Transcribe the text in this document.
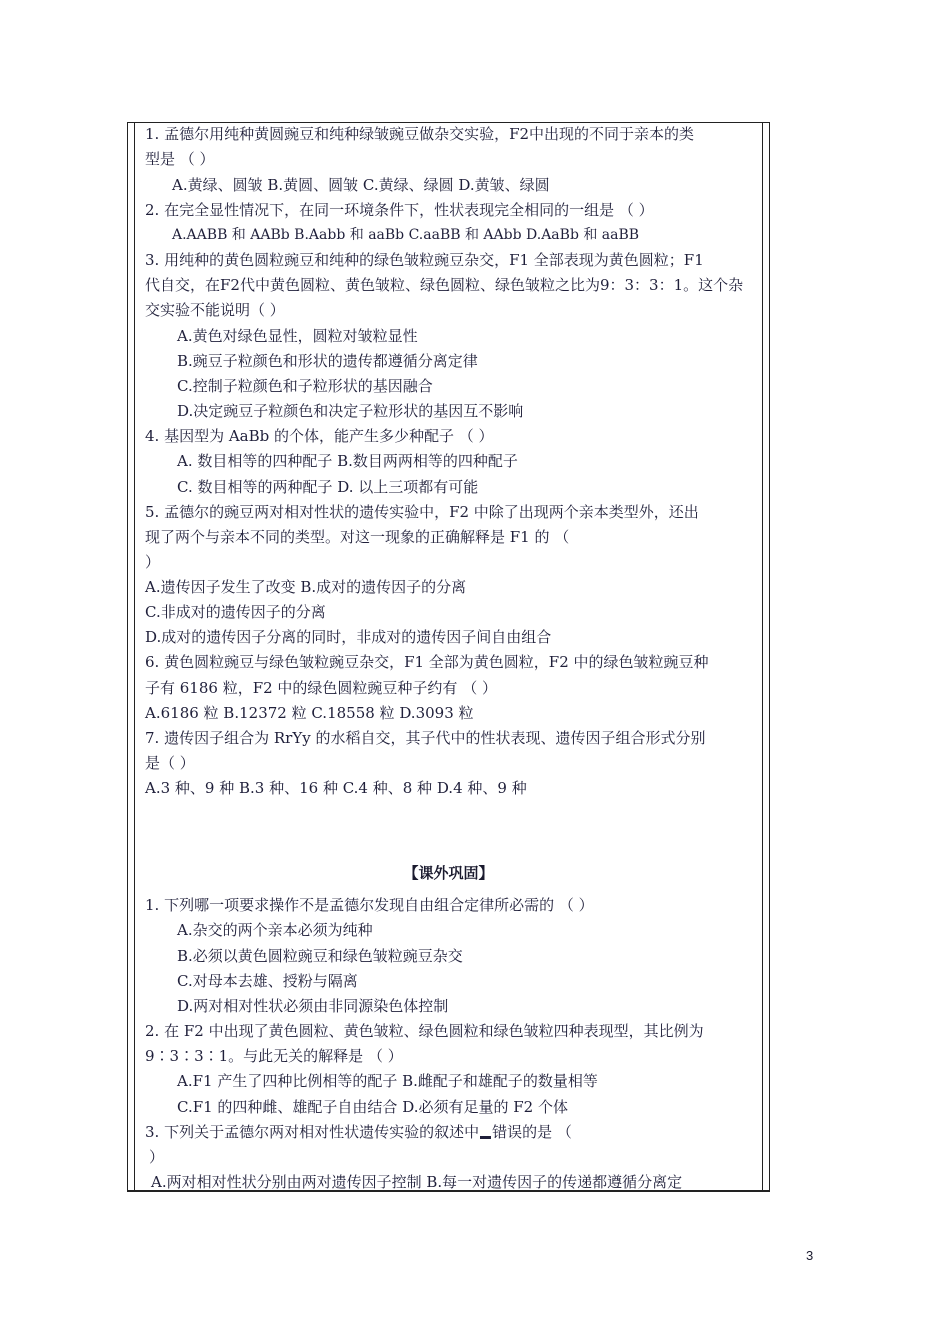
1. 孟德尔用纯种黄圆豌豆和纯种绿皱豌豆做杂交实验，F2中出现的不同于亲本的类
型是 （ ）
A.黄绿、圆皱 B.黄圆、圆皱 C.黄绿、绿圆 D.黄皱、绿圆
2. 在完全显性情况下，在同一环境条件下，性状表现完全相同的一组是 （ ）
A.AABB 和 AABb B.Aabb 和 aaBb C.aaBB 和 AAbb D.AaBb 和 aaBB
3. 用纯种的黄色圆粒豌豆和纯种的绿色皱粒豌豆杂交，F1 全部表现为黄色圆粒；F1
代自交，在F2代中黄色圆粒、黄色皱粒、绿色圆粒、绿色皱粒之比为9：3：3：1。这个杂
交实验不能说明（ ）
A.黄色对绿色显性，圆粒对皱粒显性
B.豌豆子粒颜色和形状的遗传都遵循分离定律
C.控制子粒颜色和子粒形状的基因融合
D.决定豌豆子粒颜色和决定子粒形状的基因互不影响
4. 基因型为 AaBb 的个体，能产生多少种配子 （ ）
A. 数目相等的四种配子 B.数目两两相等的四种配子
C. 数目相等的两种配子 D. 以上三项都有可能
5. 孟德尔的豌豆两对相对性状的遗传实验中，F2 中除了出现两个亲本类型外，还出
现了两个与亲本不同的类型。对这一现象的正确解释是 F1 的 （
）
A.遗传因子发生了改变 B.成对的遗传因子的分离
C.非成对的遗传因子的分离
D.成对的遗传因子分离的同时，非成对的遗传因子间自由组合
6. 黄色圆粒豌豆与绿色皱粒豌豆杂交，F1 全部为黄色圆粒，F2 中的绿色皱粒豌豆种
子有 6186 粒，F2 中的绿色圆粒豌豆种子约有 （ ）
A.6186 粒 B.12372 粒 C.18558 粒 D.3093 粒
7. 遗传因子组合为 RrYy 的水稻自交，其子代中的性状表现、遗传因子组合形式分别
是（ ）
A.3 种、9 种 B.3 种、16 种 C.4 种、8 种 D.4 种、9 种
【课外巩固】
1. 下列哪一项要求操作不是孟德尔发现自由组合定律所必需的 （ ）
A.杂交的两个亲本必须为纯种
B.必须以黄色圆粒豌豆和绿色皱粒豌豆杂交
C.对母本去雄、授粉与隔离
D.两对相对性状必须由非同源染色体控制
2. 在 F2 中出现了黄色圆粒、黄色皱粒、绿色圆粒和绿色皱粒四种表现型，其比例为
9∶3∶3∶1。与此无关的解释是 （ ）
A.F1 产生了四种比例相等的配子 B.雌配子和雄配子的数量相等
C.F1 的四种雌、雄配子自由结合 D.必须有足量的 F2 个体
3. 下列关于孟德尔两对相对性状遗传实验的叙述中 错误的是 （
）
A.两对相对性状分别由两对遗传因子控制 B.每一对遗传因子的传递都遵循分离定
3
